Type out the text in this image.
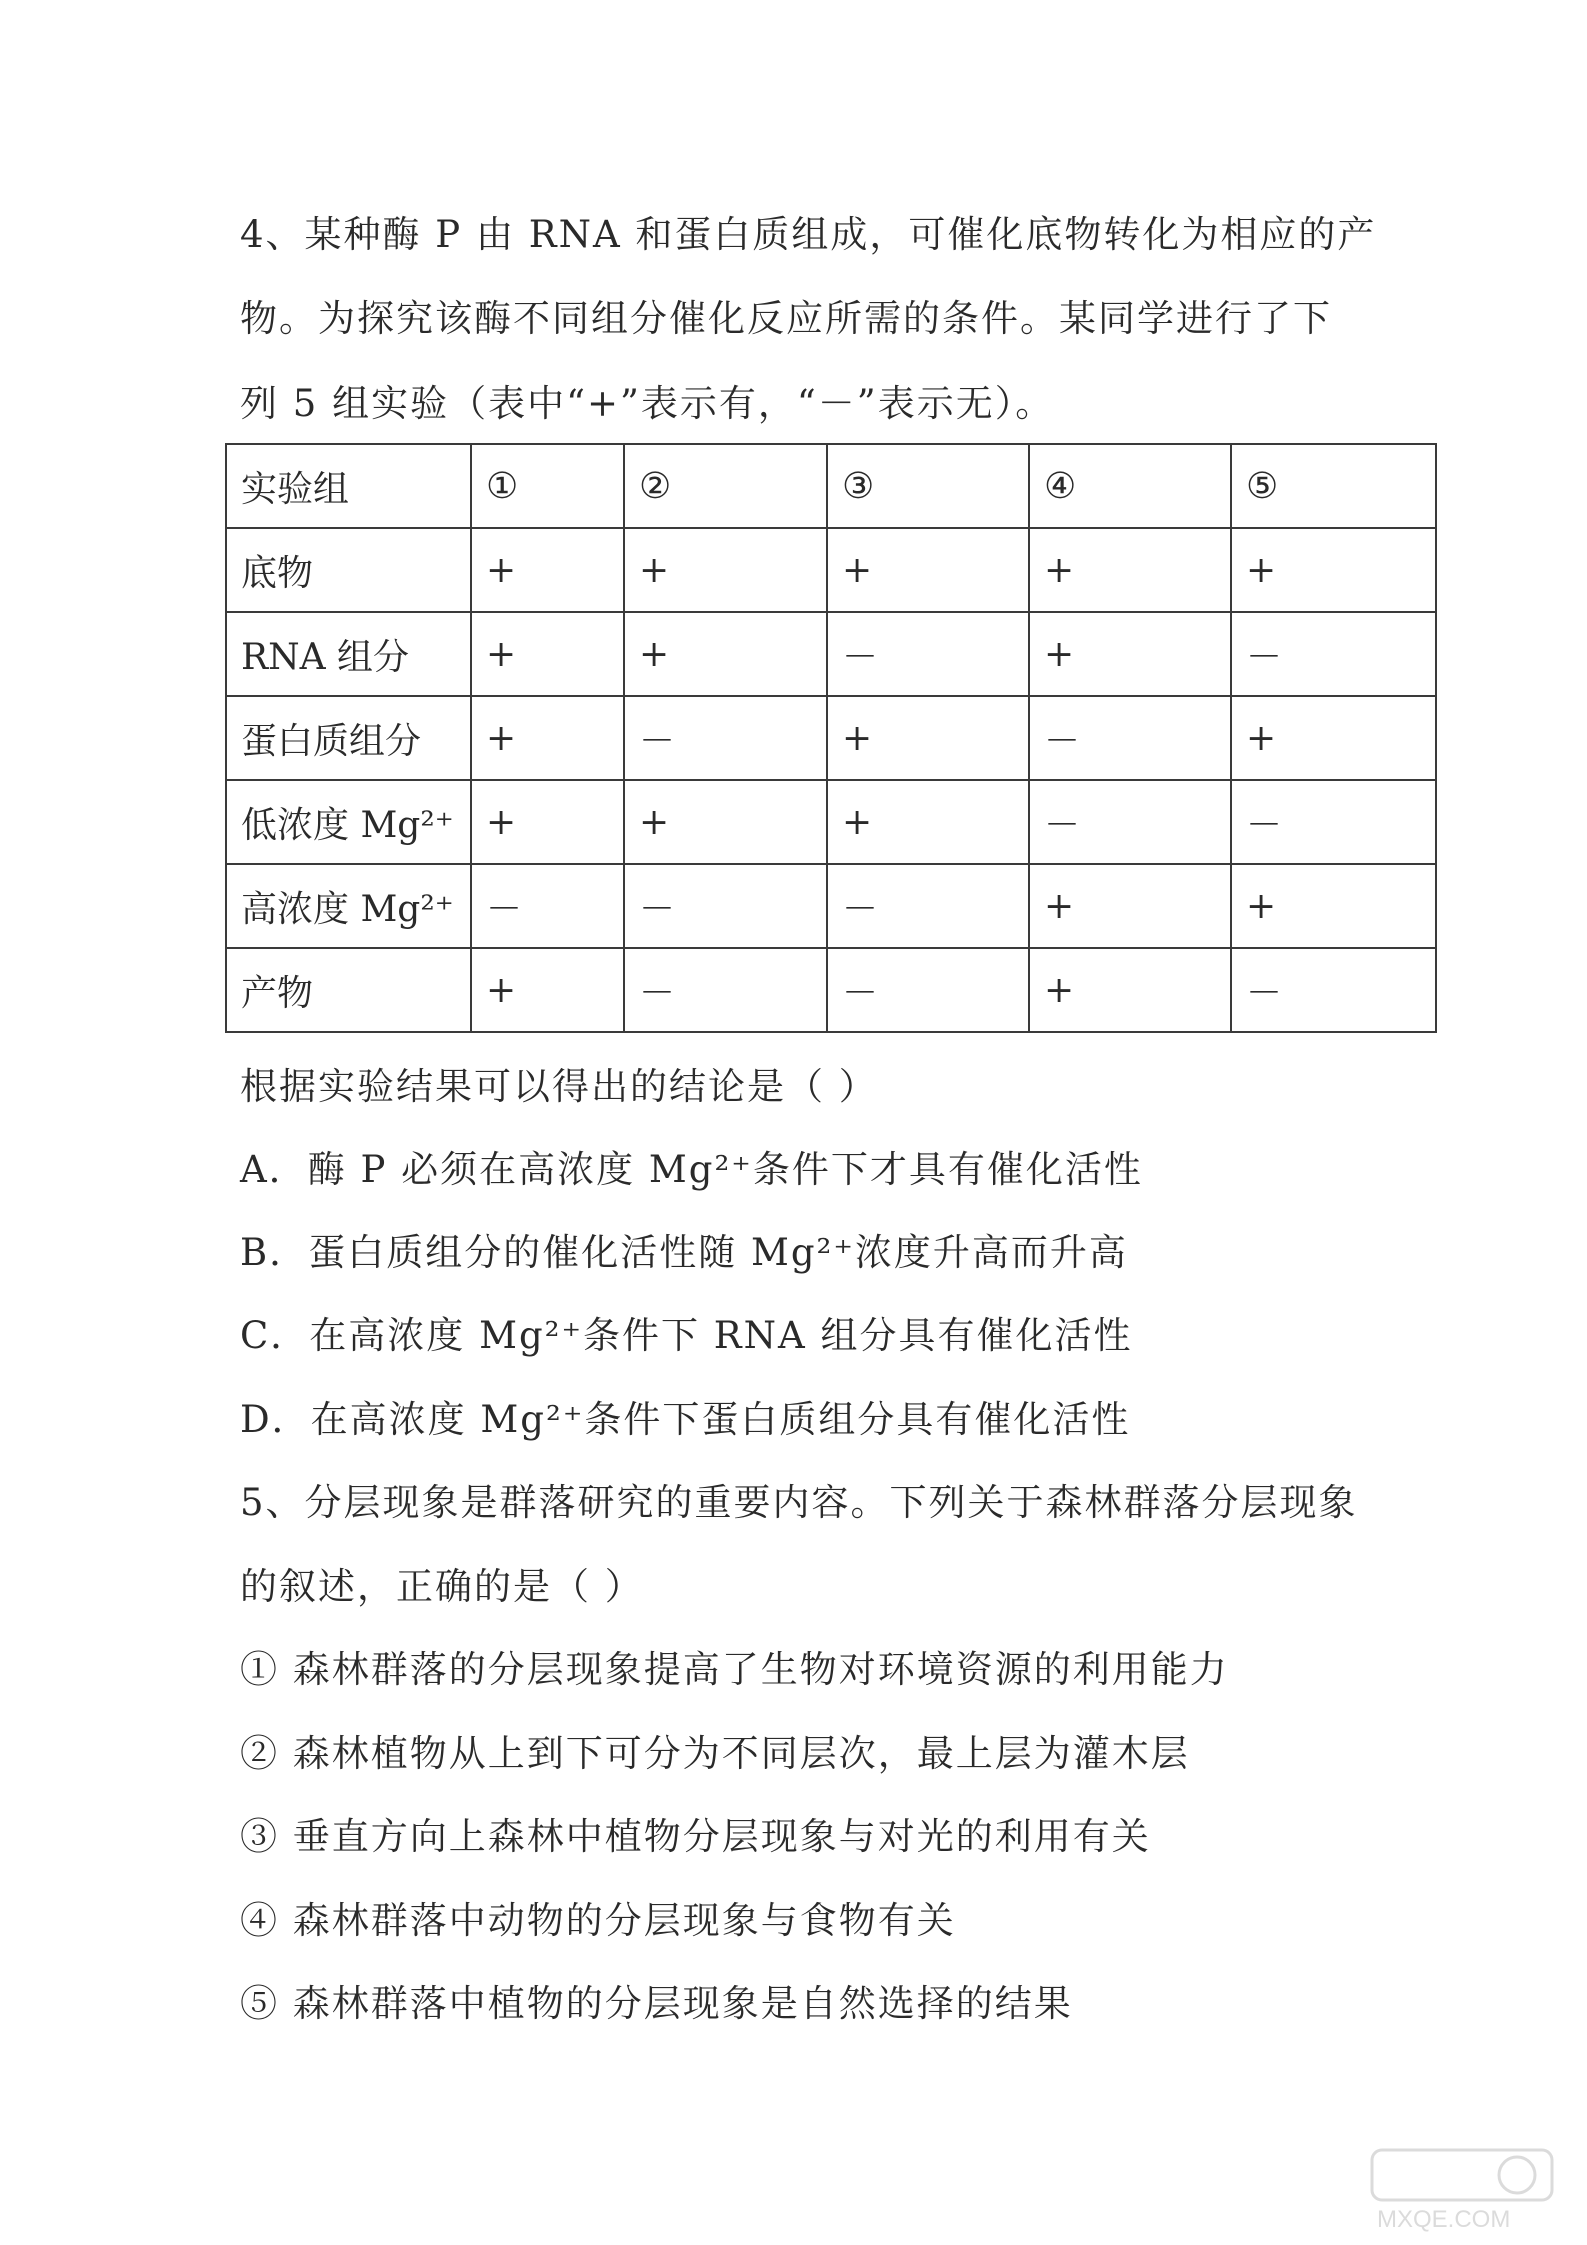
4、某种酶 P 由 RNA 和蛋白质组成，可催化底物转化为相应的产
物。为探究该酶不同组分催化反应所需的条件。某同学进行了下
列 5 组实验（表中“+”表示有，“－”表示无）。
实验组	①	②	③	④	⑤
底物	+	+	+	+	+
RNA 组分	+	+	－	+	－
蛋白质组分	+	－	+	－	+
低浓度 Mg²⁺	+	+	+	－	－
高浓度 Mg²⁺	－	－	－	+	+
产物	+	－	－	+	－
根据实验结果可以得出的结论是（ ）
A．酶 P 必须在高浓度 Mg²⁺条件下才具有催化活性
B．蛋白质组分的催化活性随 Mg²⁺浓度升高而升高
C．在高浓度 Mg²⁺条件下 RNA 组分具有催化活性
D．在高浓度 Mg²⁺条件下蛋白质组分具有催化活性
5、分层现象是群落研究的重要内容。下列关于森林群落分层现象
的叙述，正确的是（ ）
① 森林群落的分层现象提高了生物对环境资源的利用能力
② 森林植物从上到下可分为不同层次，最上层为灌木层
③ 垂直方向上森林中植物分层现象与对光的利用有关
④ 森林群落中动物的分层现象与食物有关
⑤ 森林群落中植物的分层现象是自然选择的结果
MXQE.COM
